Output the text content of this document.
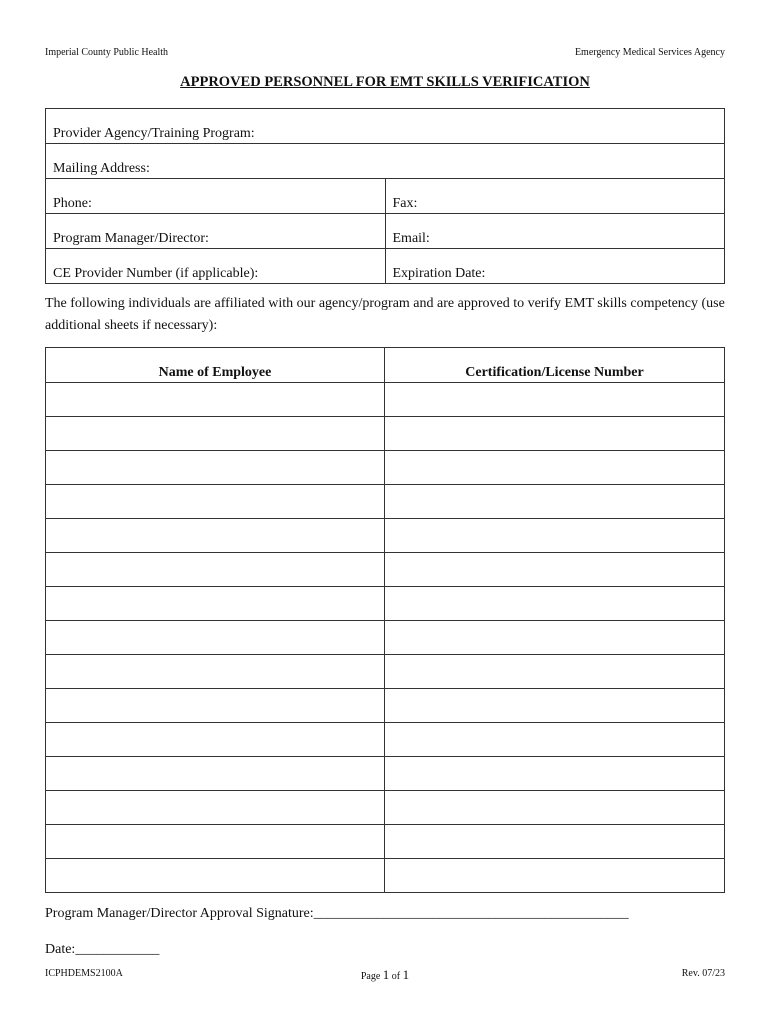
Imperial County Public Health	Emergency Medical Services Agency
APPROVED PERSONNEL FOR EMT SKILLS VERIFICATION
Provider Agency/Training Program:	
Mailing Address:	
Phone:	Fax:
Program Manager/Director:	Email:
CE Provider Number (if applicable):	Expiration Date:
The following individuals are affiliated with our agency/program and are approved to verify EMT skills competency (use additional sheets if necessary):
Name of Employee	Certification/License Number

Program Manager/Director Approval Signature:_____________________________________________
Date:____________
ICPHDEMS2100A	Page 1 of 1	Rev. 07/23
